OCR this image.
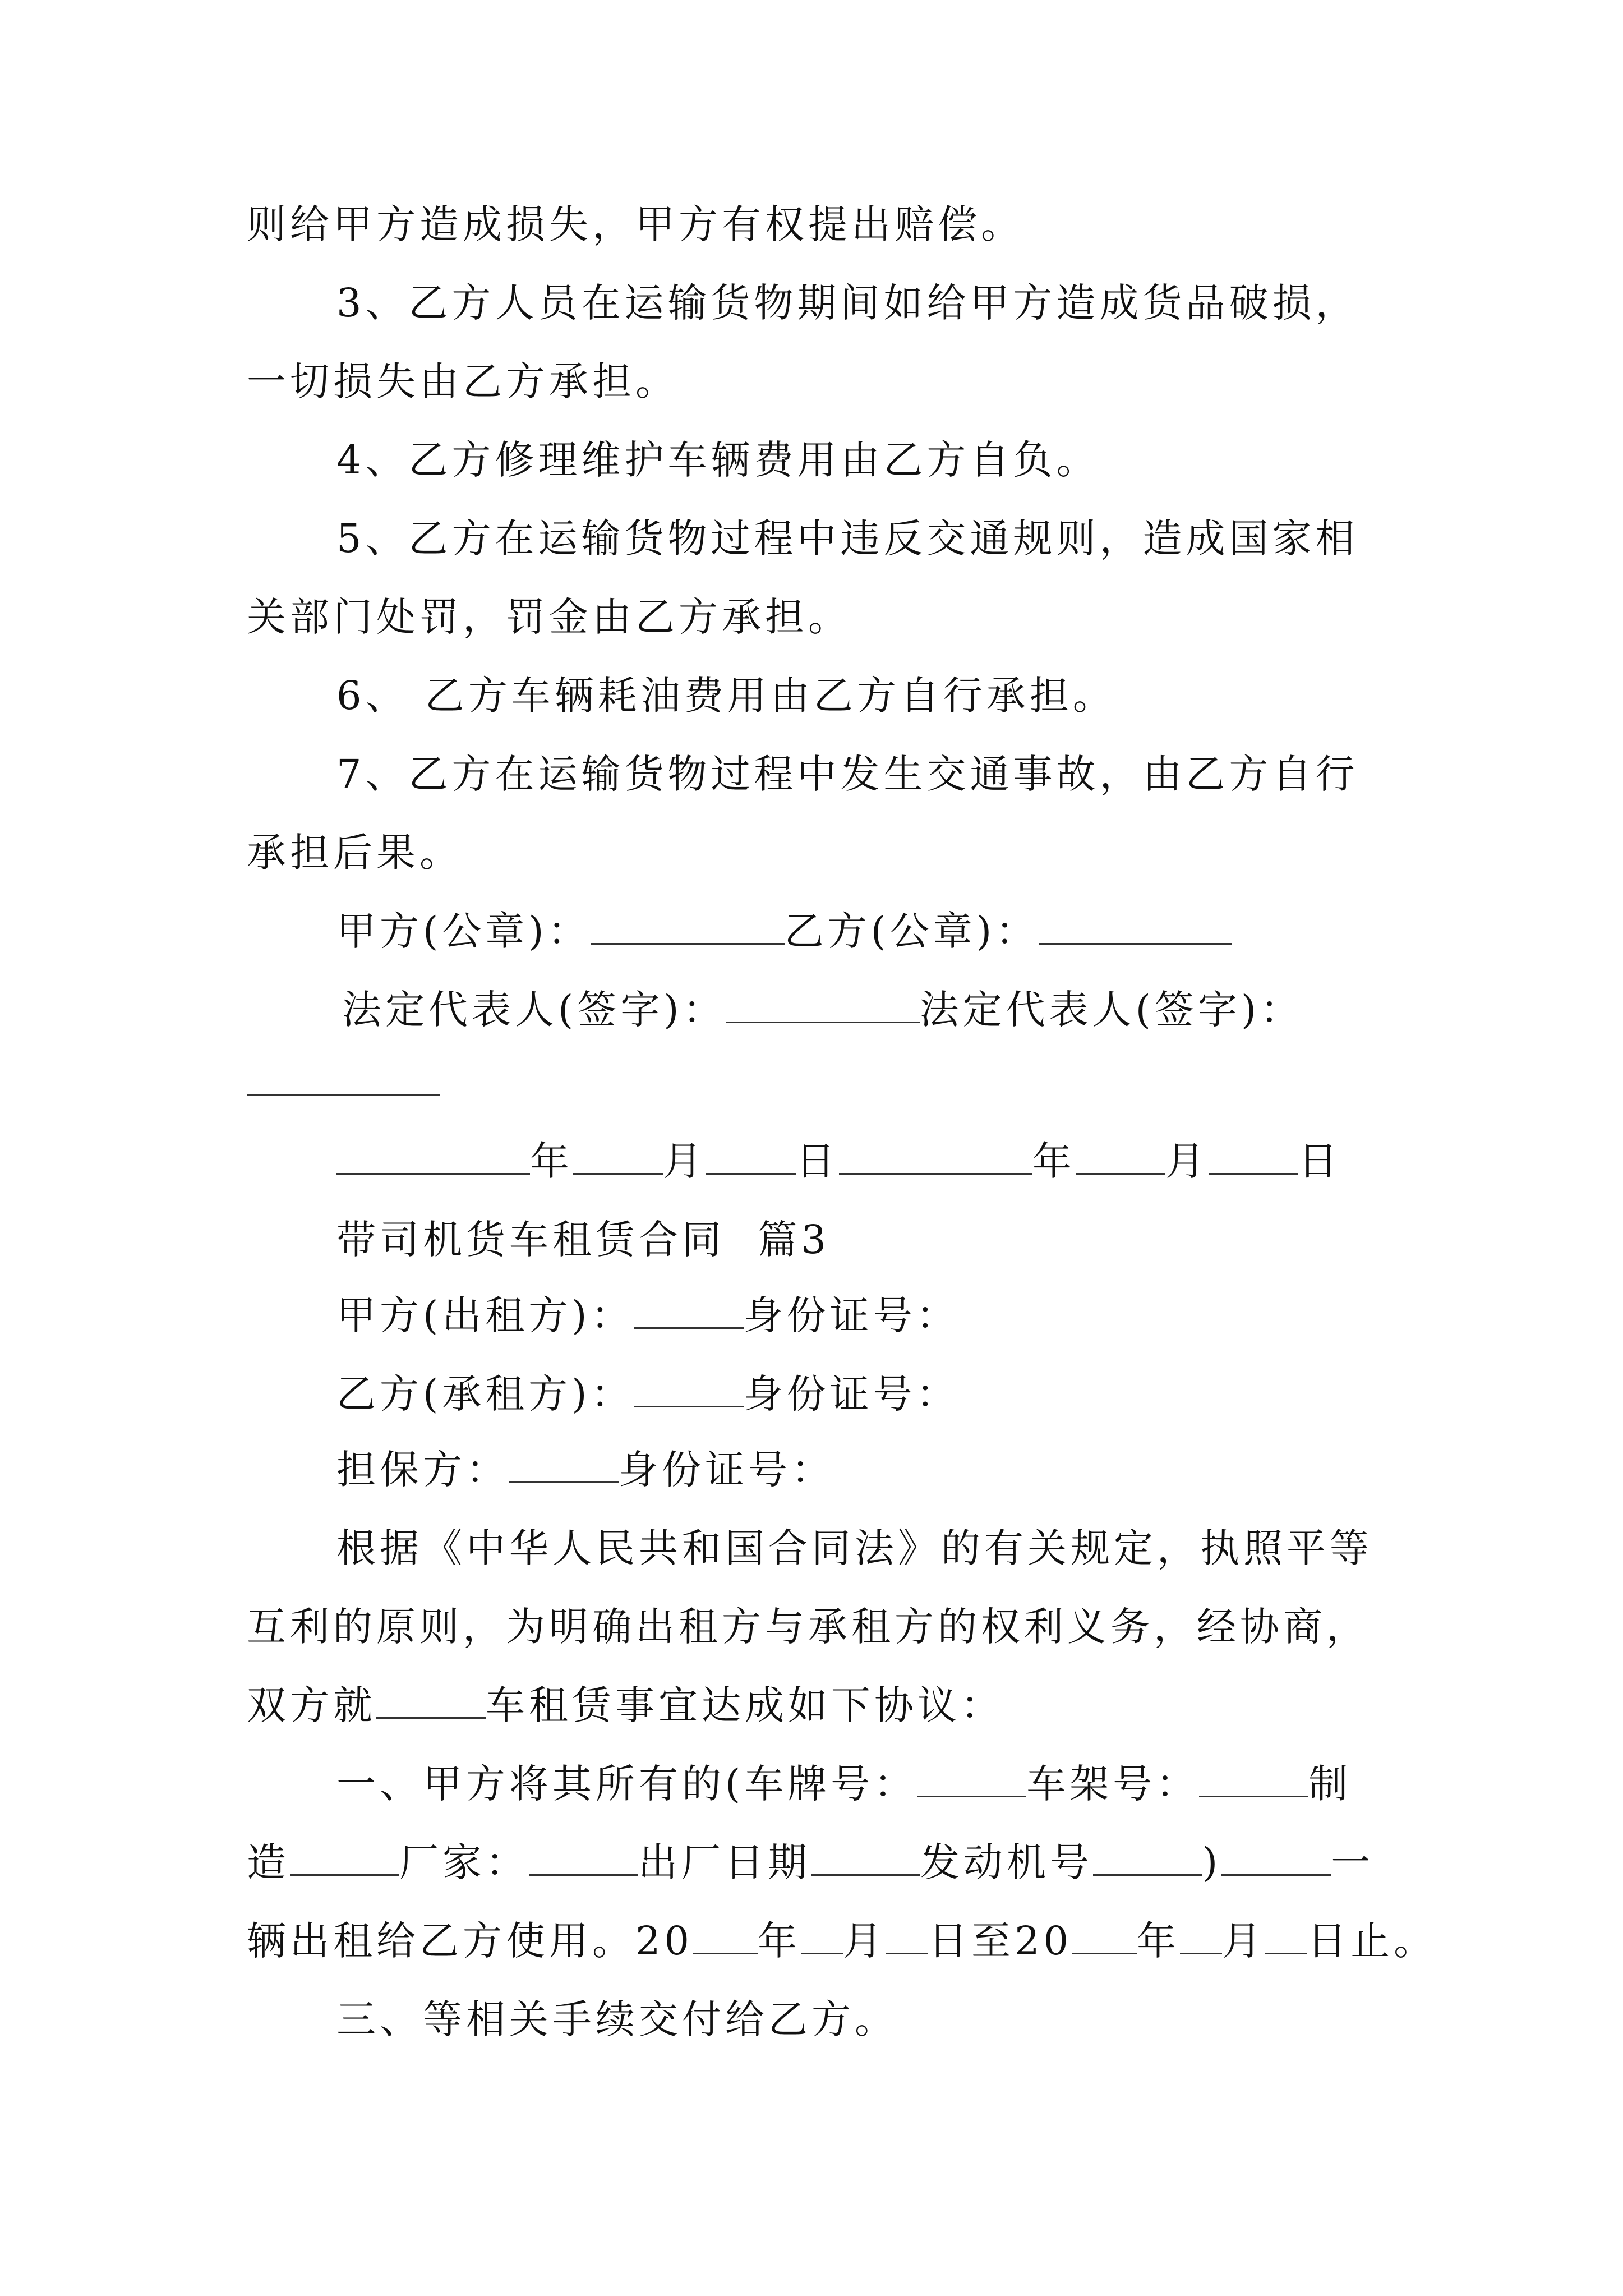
则给甲方造成损失，甲方有权提出赔偿。
3、乙方人员在运输货物期间如给甲方造成货品破损，
一切损失由乙方承担。
4、乙方修理维护车辆费用由乙方自负。
5、乙方在运输货物过程中违反交通规则，造成国家相
关部门处罚，罚金由乙方承担。
6、 乙方车辆耗油费用由乙方自行承担。
7、乙方在运输货物过程中发生交通事故，由乙方自行
承担后果。
甲方(公章)：	乙方(公章)：
法定代表人(签字)：	法定代表人(签字)：
年 月 日	年 月 日
带司机货车租赁合同  篇3
甲方(出租方)：	身份证号：
乙方(承租方)：	身份证号：
担保方：	身份证号：
根据《中华人民共和国合同法》的有关规定，执照平等
互利的原则，为明确出租方与承租方的权利义务，经协商，
双方就	车租赁事宜达成如下协议：
一、甲方将其所有的(车牌号：	车架号：	制
造	厂家：	出厂日期	发动机号	)	一
辆出租给乙方使用。20 年 月 日至20 年 月 日止。
三、等相关手续交付给乙方。
